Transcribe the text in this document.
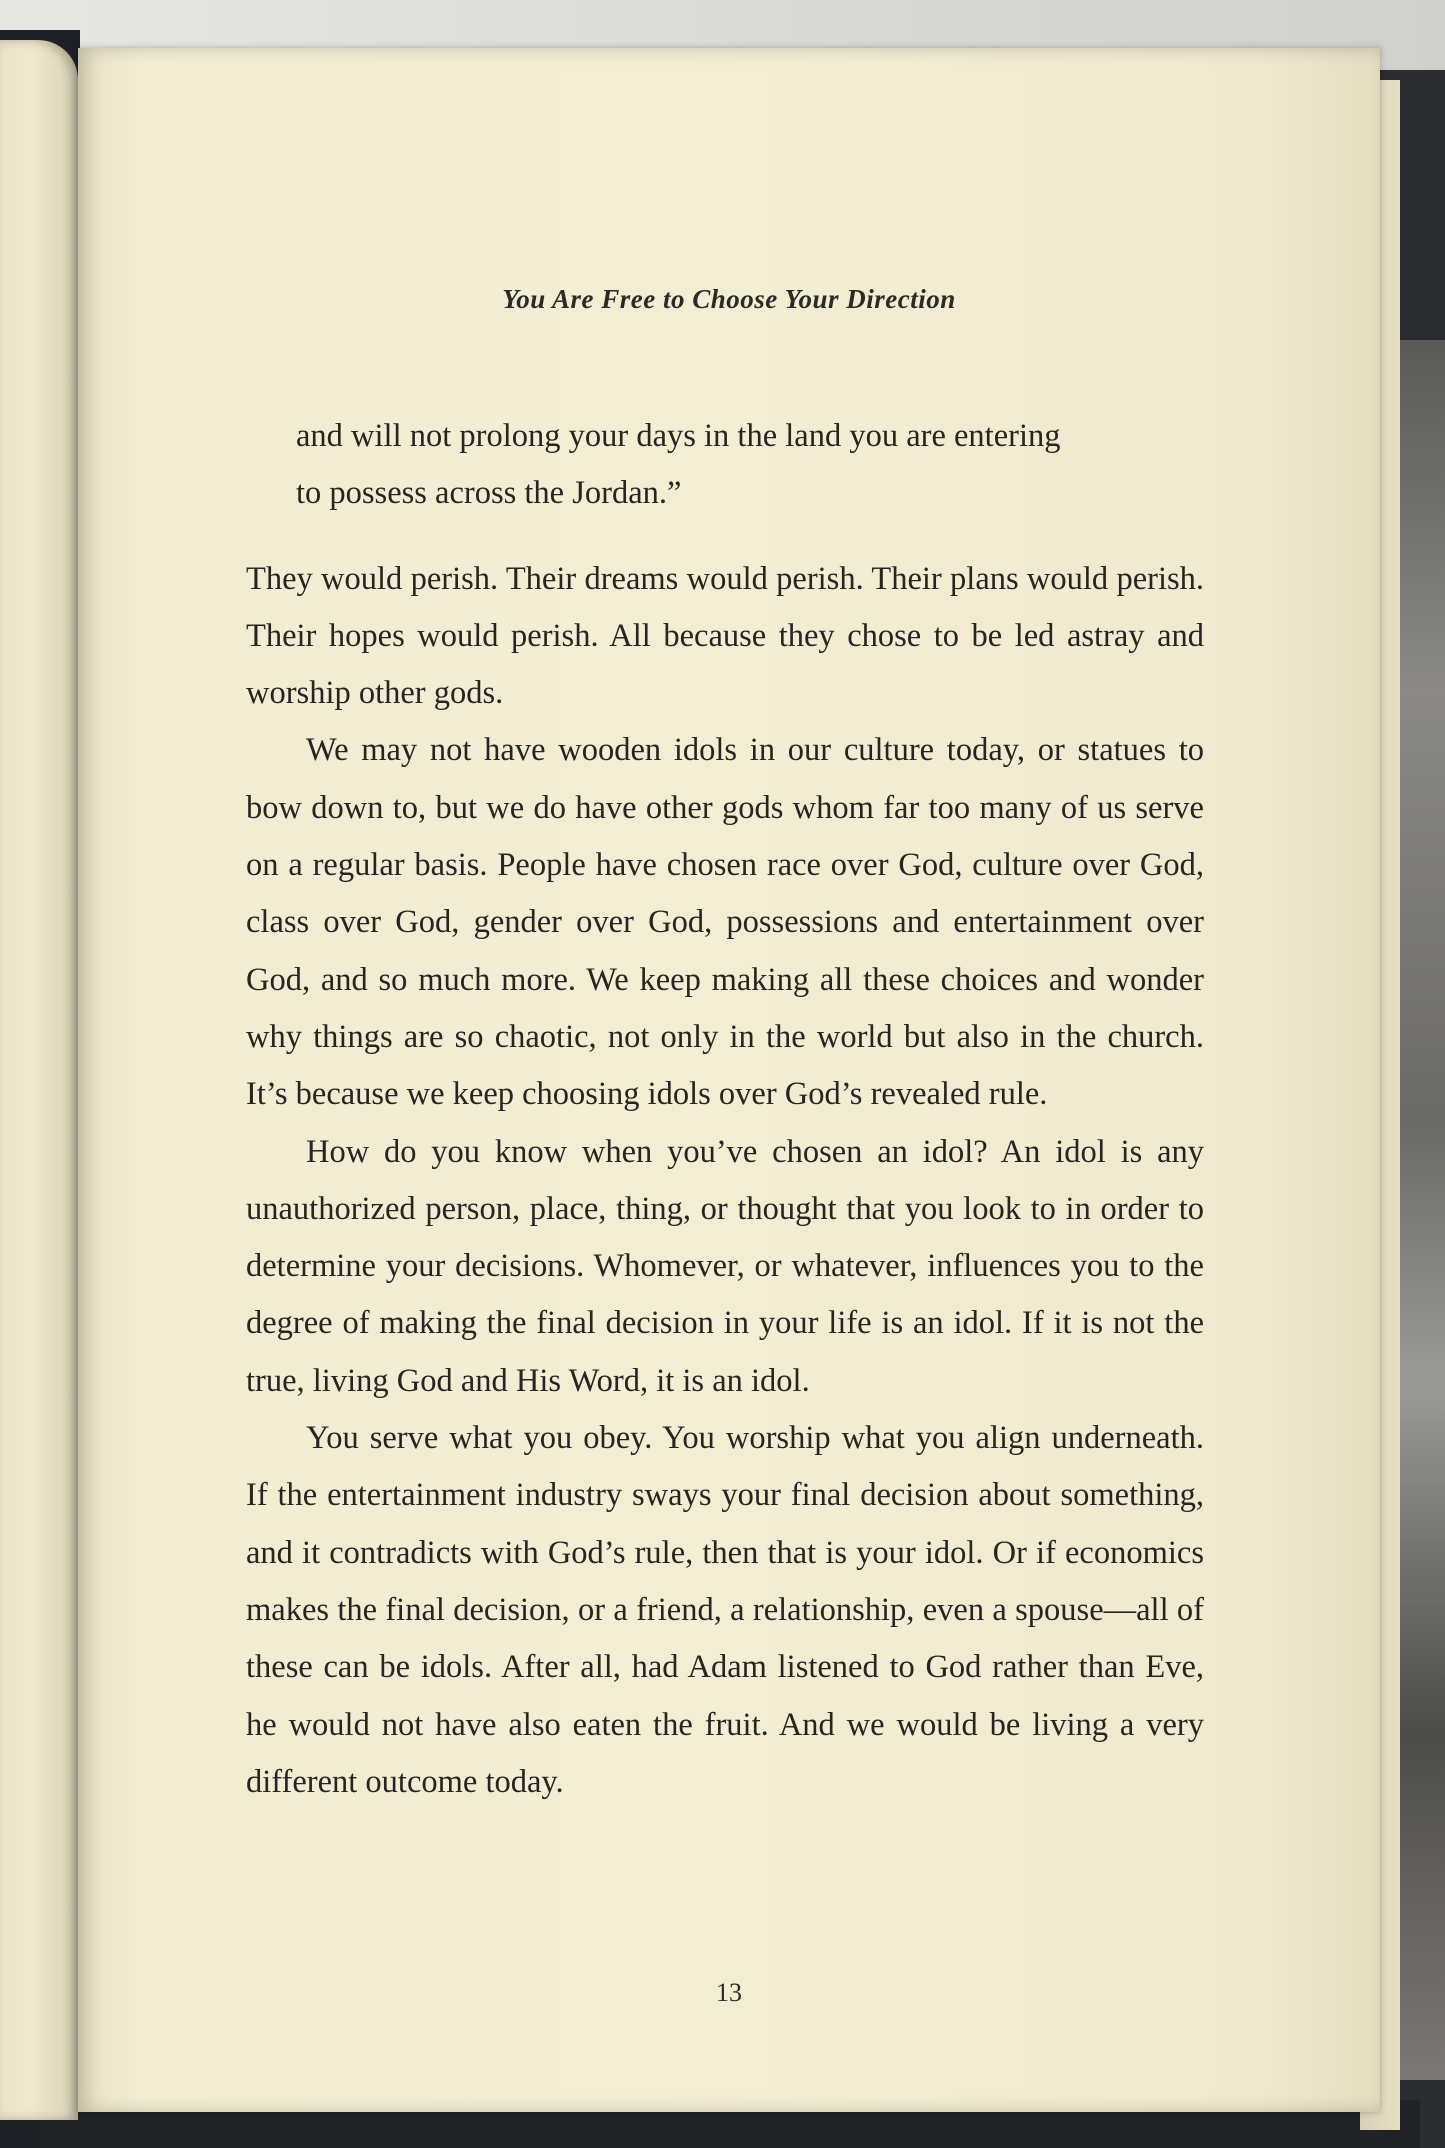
You Are Free to Choose Your Direction

and will not prolong your days in the land you are entering

to possess across the Jordan.”

They would perish. Their dreams would perish. Their plans would perish. Their hopes would perish. All because they chose to be led astray and worship other gods.

We may not have wooden idols in our culture today, or statues to bow down to, but we do have other gods whom far too many of us serve on a regular basis. People have chosen race over God, culture over God, class over God, gender over God, possessions and entertainment over God, and so much more. We keep making all these choices and wonder why things are so chaotic, not only in the world but also in the church. It’s because we keep choosing idols over God’s revealed rule.

How do you know when you’ve chosen an idol? An idol is any unauthorized person, place, thing, or thought that you look to in order to determine your decisions. Whomever, or whatever, influences you to the degree of making the final decision in your life is an idol. If it is not the true, living God and His Word, it is an idol.

You serve what you obey. You worship what you align underneath. If the entertainment industry sways your final decision about something, and it contradicts with God’s rule, then that is your idol. Or if economics makes the final decision, or a friend, a relationship, even a spouse—all of these can be idols. After all, had Adam listened to God rather than Eve, he would not have also eaten the fruit. And we would be living a very different outcome today.

13
